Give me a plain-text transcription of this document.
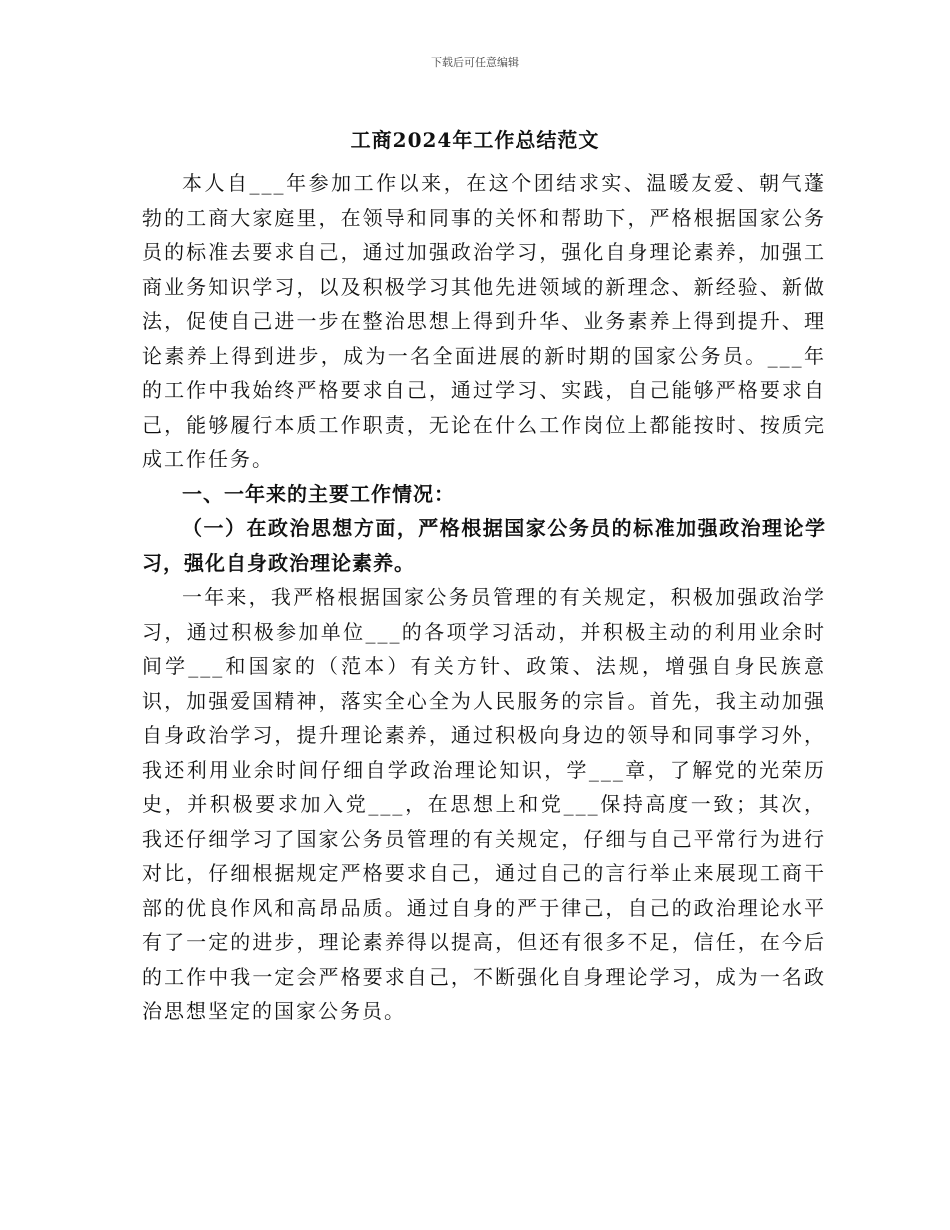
下载后可任意编辑
工商2024年工作总结范文

本人自___年参加工作以来，在这个团结求实、温暖友爱、朝气蓬勃的工商大家庭里，在领导和同事的关怀和帮助下，严格根据国家公务员的标准去要求自己，通过加强政治学习，强化自身理论素养，加强工商业务知识学习，以及积极学习其他先进领域的新理念、新经验、新做法，促使自己进一步在整治思想上得到升华、业务素养上得到提升、理论素养上得到进步，成为一名全面进展的新时期的国家公务员。___年的工作中我始终严格要求自己，通过学习、实践，自己能够严格要求自己，能够履行本质工作职责，无论在什么工作岗位上都能按时、按质完成工作任务。

一、一年来的主要工作情况：

（一）在政治思想方面，严格根据国家公务员的标准加强政治理论学习，强化自身政治理论素养。

一年来，我严格根据国家公务员管理的有关规定，积极加强政治学习，通过积极参加单位___的各项学习活动，并积极主动的利用业余时间学___和国家的（范本）有关方针、政策、法规，增强自身民族意识，加强爱国精神，落实全心全为人民服务的宗旨。首先，我主动加强自身政治学习，提升理论素养，通过积极向身边的领导和同事学习外，我还利用业余时间仔细自学政治理论知识，学___章，了解党的光荣历史，并积极要求加入党___，在思想上和党___保持高度一致；其次，我还仔细学习了国家公务员管理的有关规定，仔细与自己平常行为进行对比，仔细根据规定严格要求自己，通过自己的言行举止来展现工商干部的优良作风和高昂品质。通过自身的严于律己，自己的政治理论水平有了一定的进步，理论素养得以提高，但还有很多不足，信任，在今后的工作中我一定会严格要求自己，不断强化自身理论学习，成为一名政治思想坚定的国家公务员。
